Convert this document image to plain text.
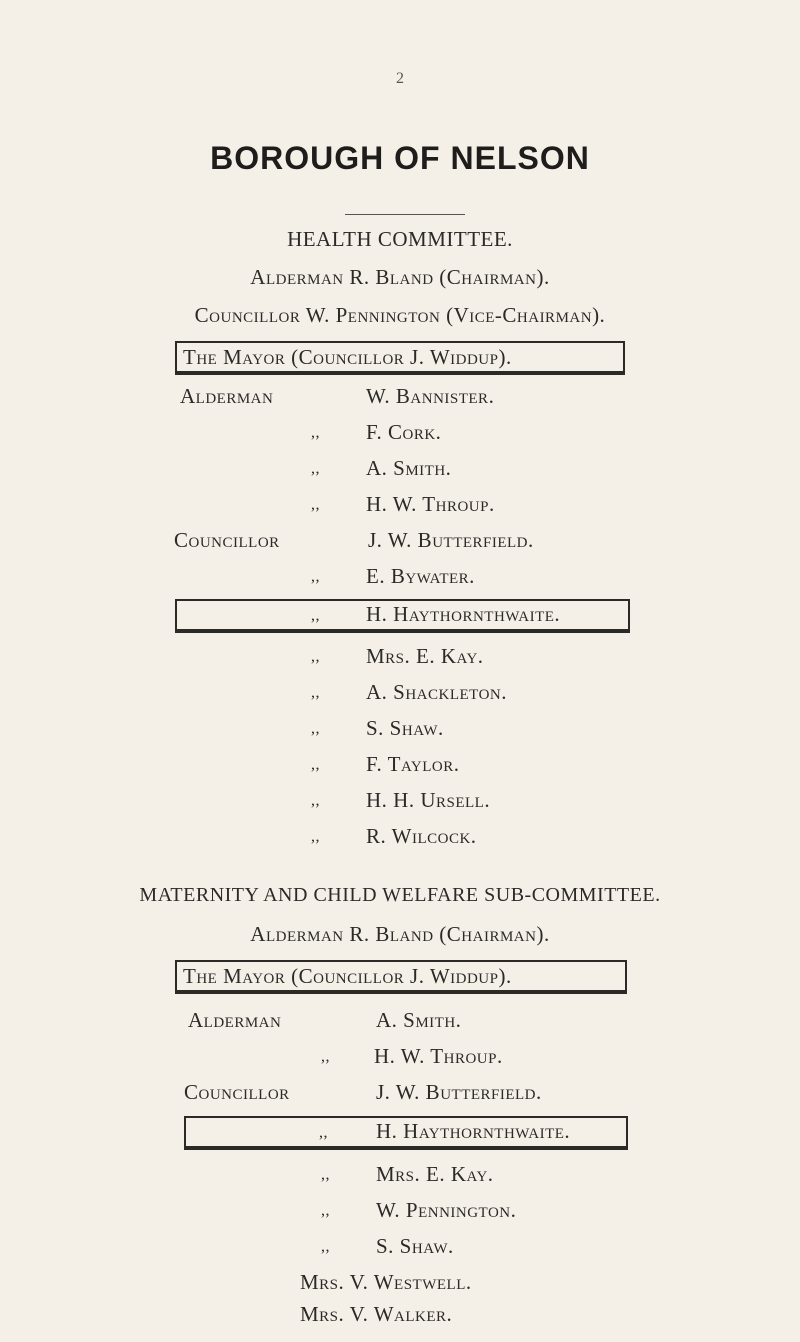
2
BOROUGH OF NELSON
HEALTH COMMITTEE.
Alderman R. Bland (Chairman).
Councillor W. Pennington (Vice-Chairman).
The Mayor (Councillor J. Widdup).
Alderman	W. Bannister.
,, F. Cork.
,, A. Smith.
,, H. W. Throup.
Councillor	J. W. Butterfield.
,, E. Bywater.
,, H. Haythornthwaite.
,, Mrs. E. Kay.
,, A. Shackleton.
,, S. Shaw.
,, F. Taylor.
,, H. H. Ursell.
,, R. Wilcock.
MATERNITY AND CHILD WELFARE SUB-COMMITTEE.
Alderman R. Bland (Chairman).
The Mayor (Councillor J. Widdup).
Alderman	A. Smith.
,, H. W. Throup.
Councillor	J. W. Butterfield.
,, H. Haythornthwaite.
,, Mrs. E. Kay.
,, W. Pennington.
,, S. Shaw.
Mrs. V. Westwell.
Mrs. V. Walker.
